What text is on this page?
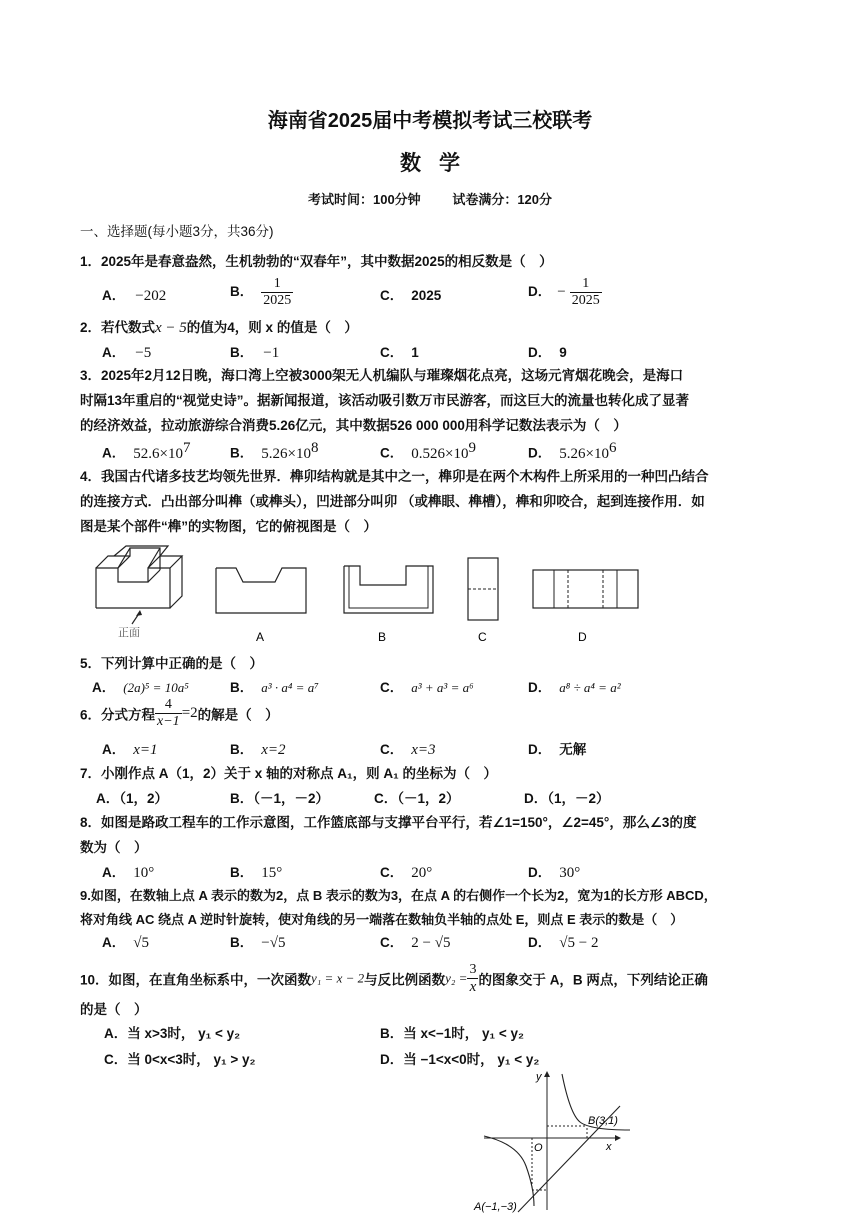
海南省2025届中考模拟考试三校联考
数学
考试时间：100分钟 试卷满分：120分
一、选择题(每小题3分，共36分)
1．2025年是春意盎然，生机勃勃的“双春年”，其中数据2025的相反数是（　）
A． −202	B． $\frac{1}{2025}$	C． 2025	D． − $\frac{1}{2025}$
2．若代数式x − 5的值为4，则 x 的值是（　）
A． −5	B． −1	C． 1	D． 9
3．2025年2月12日晚，海口湾上空被3000架无人机编队与璀璨烟花点亮，这场元宵烟花晚会，是海口
时隔13年重启的“视觉史诗”。据新闻报道，该活动吸引数万市民游客，而这巨大的流量也转化成了显著
的经济效益，拉动旅游综合消费5.26亿元，其中数据526 000 000用科学记数法表示为（　）
A． $52.6\times 10^7$	B． $5.26\times 10^8$	C． $0.526\times 10^9$	D． $5.26\times 10^6$
4．我国古代诸多技艺均领先世界．榫卯结构就是其中之一，榫卯是在两个木构件上所采用的一种凹凸结合
的连接方式．凸出部分叫榫（或榫头），凹进部分叫卯 （或榫眼、榫槽），榫和卯咬合，起到连接作用．如
图是某个部件“榫”的实物图，它的俯视图是（　）
正面	A	B	C	D
5．下列计算中正确的是（　）
A． (2a)⁵ = 10a⁵	B． a³ · a⁴ = a⁷	C． a³ + a³ = a⁶	D． a⁸ ÷ a⁴ = a²
6．分式方程 $\frac{4}{x-1} =2$的解是（　）
A． x=1	B． x=2	C． x=3	D． 无解
7．小刚作点 A（1，2）关于 x 轴的对称点 A₁，则 A₁ 的坐标为（　）
A．（1，2）	B．（－1，－2）	C．（－1，2）	D．（1，－2）
8．如图是路政工程车的工作示意图，工作篮底部与支撑平台平行，若∠1=150°，∠2=45°，那么∠3的度
数为（　）
A． 10°	B． 15°	C． 20°	D． 30°
9.如图，在数轴上点 A 表示的数为2，点 B 表示的数为3，在点 A 的右侧作一个长为2，宽为1的长方形 ABCD，
将对角线 AC 绕点 A 逆时针旋转，使对角线的另一端落在数轴负半轴的点处 E，则点 E 表示的数是（　）
A． √5	B． −√5	C． 2 − √5	D． √5 − 2
10．如图，在直角坐标系中，一次函数y₁ = x − 2与反比例函数$y_2 = \frac{3}{x}$ 的图象交于 A，B 两点，下列结论正确
的是（　）
A．当 x>3时， y₁ < y₂	B．当 x<−1时， y₁ < y₂
C．当 0<x<3时， y₁ > y₂	D．当 −1<x<0时， y₁ < y₂
y
x
O
B(3,1)
A(−1,−3)
